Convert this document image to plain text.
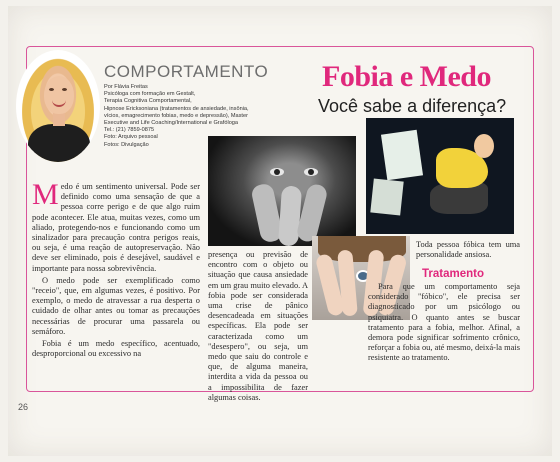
COMPORTAMENTO
Por Flávia Freitas
Psicóloga com formação em Gestalt,
Terapia Cognitiva Comportamental,
Hipnose Ericksoniana (tratamentos de ansiedade, insônia,
vícios, emagrecimento fobias, medo e depressão), Master
Executive and Life Coaching/International e Grafóloga
Tel.: (21) 7859-0875
Foto: Arquivo pessoal
Fotos: Divulgação
Fobia e Medo
Você sabe a diferença?

Medo é um sentimento universal. Pode ser definido como uma sensação de que a pessoa corre perigo e de que algo ruim pode acontecer. Ele atua, muitas vezes, como um aliado, protegendo-nos e funcionando como um sinalizador para precaução contra perigos reais, ou seja, é uma reação de autopreservação. Não deve ser eliminado, pois é desejável, saudável e importante para nossa sobrevivência.

O medo pode ser exemplificado como "receio", que, em algumas vezes, é positivo. Por exemplo, o medo de atravessar a rua desperta o cuidado de olhar antes ou tomar as precauções necessárias de procurar uma passarela ou semáforo.

Fobia é um medo específico, acentuado, desproporcional ou excessivo na

presença ou previsão de encontro com o objeto ou situação que causa ansiedade em um grau muito elevado. A fobia pode ser considerada uma crise de pânico desencadeada em situações específicas. Ela pode ser caracterizada como um "desespero", ou seja, um medo que saiu do controle e que, de alguma maneira, interdita a vida da pessoa ou a impossibilita de fazer algumas coisas.

Toda pessoa fóbica tem uma personalidade ansiosa.
Tratamento

Para que um comportamento seja considerado "fóbico", ele precisa ser diagnosticado por um psicólogo ou psiquiatra. O quanto antes se buscar tratamento para a fobia, melhor. Afinal, a demora pode significar sofrimento crônico, reforçar a fobia ou, até mesmo, deixá-la mais resistente ao tratamento.

26
